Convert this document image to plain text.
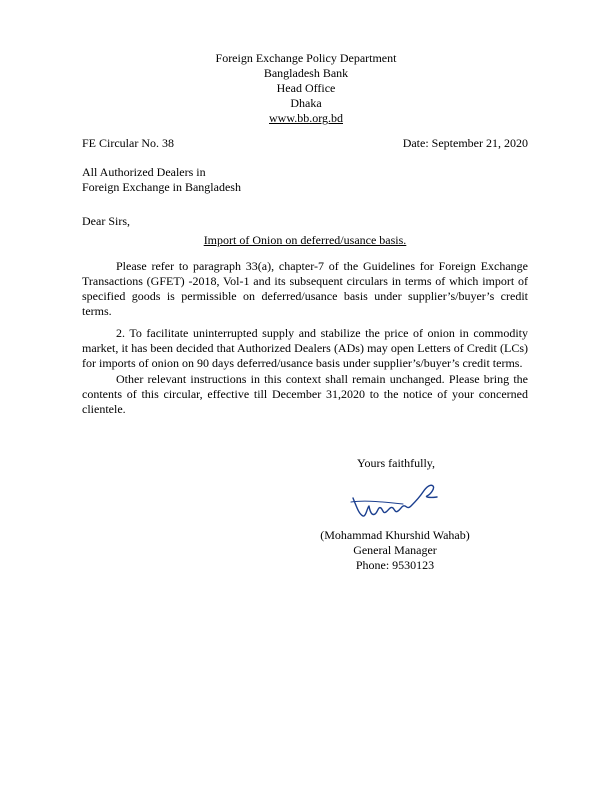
Foreign Exchange Policy Department
Bangladesh Bank
Head Office
Dhaka
www.bb.org.bd
FE Circular No. 38	Date: September 21, 2020
All Authorized Dealers in
Foreign Exchange in Bangladesh
Dear Sirs,
Import of Onion on deferred/usance basis.
Please refer to paragraph 33(a), chapter-7 of the Guidelines for Foreign Exchange Transactions (GFET) -2018, Vol-1 and its subsequent circulars in terms of which import of specified goods is permissible on deferred/usance basis under supplier’s/buyer’s credit terms.
2. To facilitate uninterrupted supply and stabilize the price of onion in commodity market, it has been decided that Authorized Dealers (ADs) may open Letters of Credit (LCs) for imports of onion on 90 days deferred/usance basis under supplier’s/buyer’s credit terms.
Other relevant instructions in this context shall remain unchanged. Please bring the contents of this circular, effective till December 31,2020 to the notice of your concerned clientele.
Yours faithfully,
(Mohammad Khurshid Wahab)
General Manager
Phone: 9530123
